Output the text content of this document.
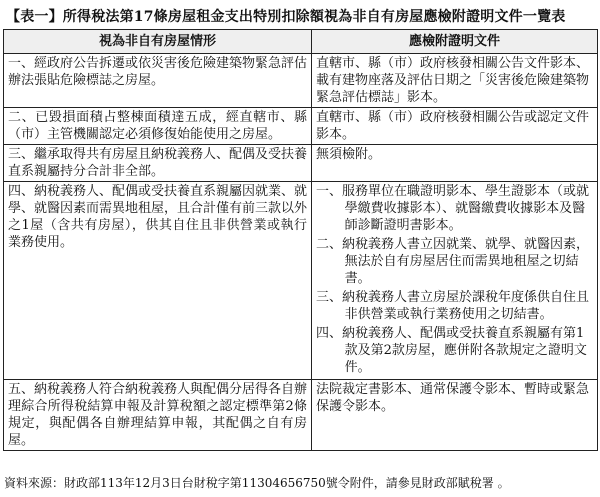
【表一】所得稅法第17條房屋租金支出特別扣除額視為非自有房屋應檢附證明文件一覽表
視為非自有房屋情形	應檢附證明文件
一、經政府公告拆遷或依災害後危險建築物緊急評估辦法張貼危險標誌之房屋。	直轄市、縣（市）政府核發相關公告文件影本、載有建物座落及評估日期之「災害後危險建築物緊急評估標誌」影本。
二、已毀損面積占整棟面積達五成，經直轄市、縣（市）主管機關認定必須修復始能使用之房屋。	直轄市、縣（市）政府核發相關公告或認定文件影本。
三、繼承取得共有房屋且納稅義務人、配偶及受扶養直系親屬持分合計非全部。	無須檢附。
四、納稅義務人、配偶或受扶養直系親屬因就業、就學、就醫因素而需異地租屋，且合計僅有前三款以外之1屋（含共有房屋），供其自住且非供營業或執行業務使用。	一、服務單位在職證明影本、學生證影本（或就學繳費收據影本）、就醫繳費收據影本及醫師診斷證明書影本。
二、納稅義務人書立因就業、就學、就醫因素，無法於自有房屋居住而需異地租屋之切結書。
三、納稅義務人書立房屋於課稅年度係供自住且非供營業或執行業務使用之切結書。
四、納稅義務人、配偶或受扶養直系親屬有第1款及第2款房屋，應併附各款規定之證明文件。

五、納稅義務人符合納稅義務人與配偶分居得各自辦理綜合所得稅結算申報及計算稅額之認定標準第2條規定，與配偶各自辦理結算申報，其配偶之自有房屋。	法院裁定書影本、通常保護令影本、暫時或緊急保護令影本。
資料來源：財政部113年12月3日台財稅字第11304656750號令附件，請參見財政部賦稅署 。
